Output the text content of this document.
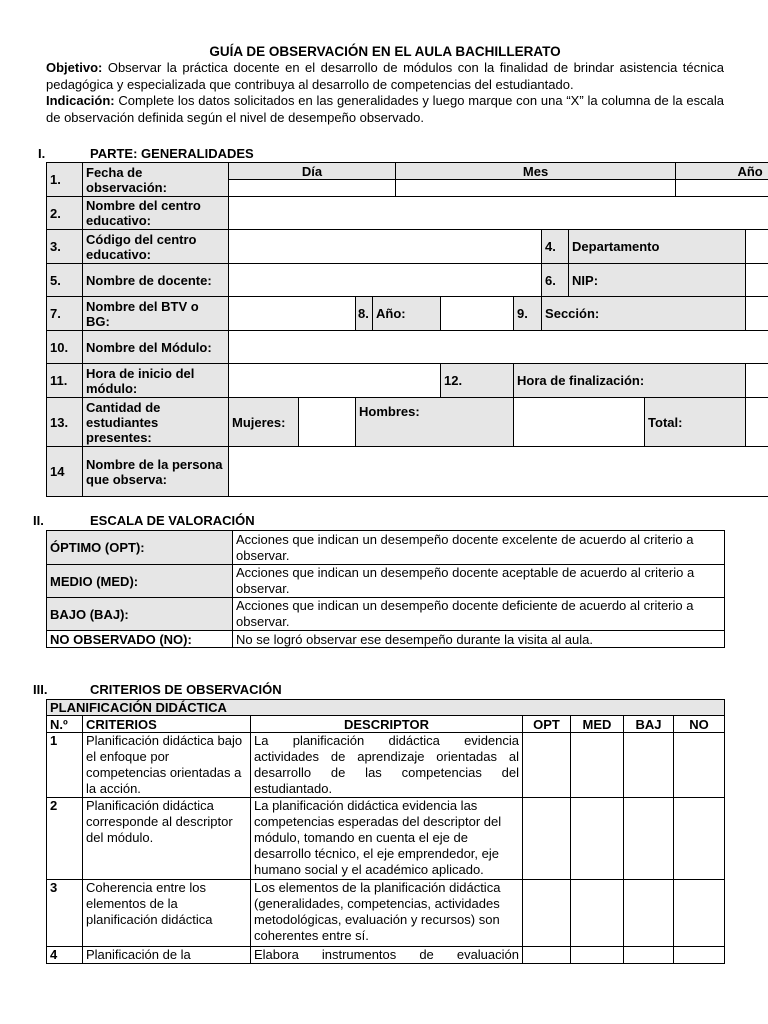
GUÍA DE OBSERVACIÓN EN EL AULA BACHILLERATO
Objetivo: Observar la práctica docente en el desarrollo de módulos con la finalidad de brindar asistencia técnica pedagógica y especializada que contribuya al desarrollo de competencias del estudiantado.
Indicación: Complete los datos solicitados en las generalidades y luego marque con una “X” la columna de la escala de observación definida según el nivel de desempeño observado.
I.	PARTE: GENERALIDADES
1.	Fecha de observación:	Día				Mes						Año	

2.	Nombre del centro educativo:												
3.	Código del centro educativo:								4.	Departamento			
5.	Nombre de docente:								6.	NIP:			
7.	Nombre del BTV o BG:			8.	Año:			9.	Sección:				
10.	Nombre del Módulo:												
11.	Hora de inicio del módulo:						12.	Hora de finalización:					
13.	Cantidad de estudiantes presentes:	Mujeres:		Hombres:							Total:		
14	Nombre de la persona que observa:												
II.	ESCALA DE VALORACIÓN
ÓPTIMO (OPT):	Acciones que indican un desempeño docente excelente de acuerdo al criterio a observar.
MEDIO (MED):	Acciones que indican un desempeño docente aceptable de acuerdo al criterio a observar.
BAJO (BAJ):	Acciones que indican un desempeño docente deficiente de acuerdo al criterio a observar.
NO OBSERVADO (NO):	No se logró observar ese desempeño durante la visita al aula.
III.	CRITERIOS DE OBSERVACIÓN
PLANIFICACIÓN DIDÁCTICA						
N.º	CRITERIOS	DESCRIPTOR	OPT	MED	BAJ	NO
1	Planificación didáctica bajo el enfoque por competencias orientadas a la acción.	La planificación didáctica evidencia actividades de aprendizaje orientadas al desarrollo de las competencias del estudiantado.				
2	Planificación didáctica corresponde al descriptor del módulo.	La planificación didáctica evidencia las competencias esperadas del descriptor del módulo, tomando en cuenta el eje de desarrollo técnico, el eje emprendedor, eje humano social y el académico aplicado.				
3	Coherencia entre los elementos de la planificación didáctica	Los elementos de la planificación didáctica (generalidades, competencias, actividades metodológicas, evaluación y recursos) son coherentes entre sí.				
4	Planificación de la	Elabora instrumentos de evaluación				
